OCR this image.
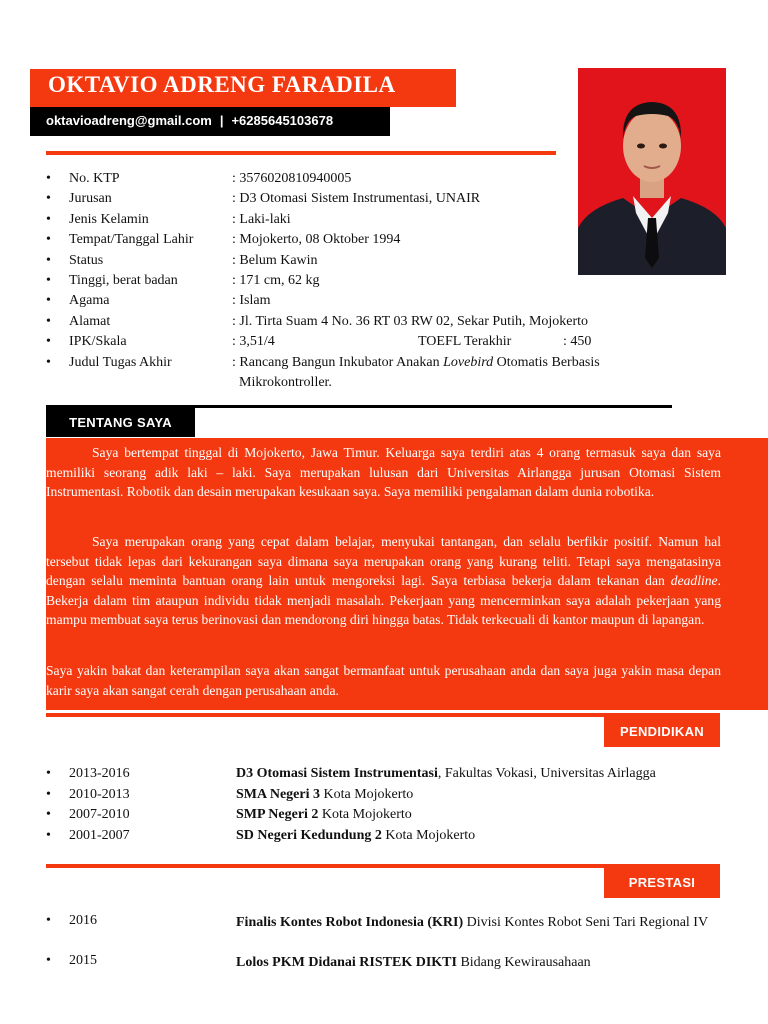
OKTAVIO ADRENG FARADILA
oktavioadreng@gmail.com | +6285645103678
• No. KTP	: 3576020810940005
• Jurusan	: D3 Otomasi Sistem Instrumentasi, UNAIR
• Jenis Kelamin	: Laki-laki
• Tempat/Tanggal Lahir	: Mojokerto, 08 Oktober 1994
• Status	: Belum Kawin
• Tinggi, berat badan	: 171 cm, 62 kg
• Agama	: Islam
• Alamat	: Jl. Tirta Suam 4 No. 36 RT 03 RW 02, Sekar Putih, Mojokerto
• IPK/Skala	: 3,51/4	TOEFL Terakhir	: 450
• Judul Tugas Akhir	: Rancang Bangun Inkubator Anakan Lovebird Otomatis Berbasis
Mikrokontroller.
TENTANG SAYA

Saya bertempat tinggal di Mojokerto, Jawa Timur. Keluarga saya terdiri atas 4 orang termasuk saya dan saya memiliki seorang adik laki – laki. Saya merupakan lulusan dari Universitas Airlangga jurusan Otomasi Sistem Instrumentasi. Robotik dan desain merupakan kesukaan saya. Saya memiliki pengalaman dalam dunia robotika.

Saya merupakan orang yang cepat dalam belajar, menyukai tantangan, dan selalu berfikir positif. Namun hal tersebut tidak lepas dari kekurangan saya dimana saya merupakan orang yang kurang teliti. Tetapi saya mengatasinya dengan selalu meminta bantuan orang lain untuk mengoreksi lagi. Saya terbiasa bekerja dalam tekanan dan deadline. Bekerja dalam tim ataupun individu tidak menjadi masalah. Pekerjaan yang mencerminkan saya adalah pekerjaan yang mampu membuat saya terus berinovasi dan mendorong diri hingga batas. Tidak terkecuali di kantor maupun di lapangan.

Saya yakin bakat dan keterampilan saya akan sangat bermanfaat untuk perusahaan anda dan saya juga yakin masa depan karir saya akan sangat cerah dengan perusahaan anda.

PENDIDIKAN
• 2013-2016	D3 Otomasi Sistem Instrumentasi, Fakultas Vokasi, Universitas Airlagga
• 2010-2013	SMA Negeri 3 Kota Mojokerto
• 2007-2010	SMP Negeri 2 Kota Mojokerto
• 2001-2007	SD Negeri Kedundung 2 Kota Mojokerto
PRESTASI
• 2016	Finalis Kontes Robot Indonesia (KRI) Divisi Kontes Robot Seni Tari Regional IV
• 2015	Lolos PKM Didanai RISTEK DIKTI Bidang Kewirausahaan
